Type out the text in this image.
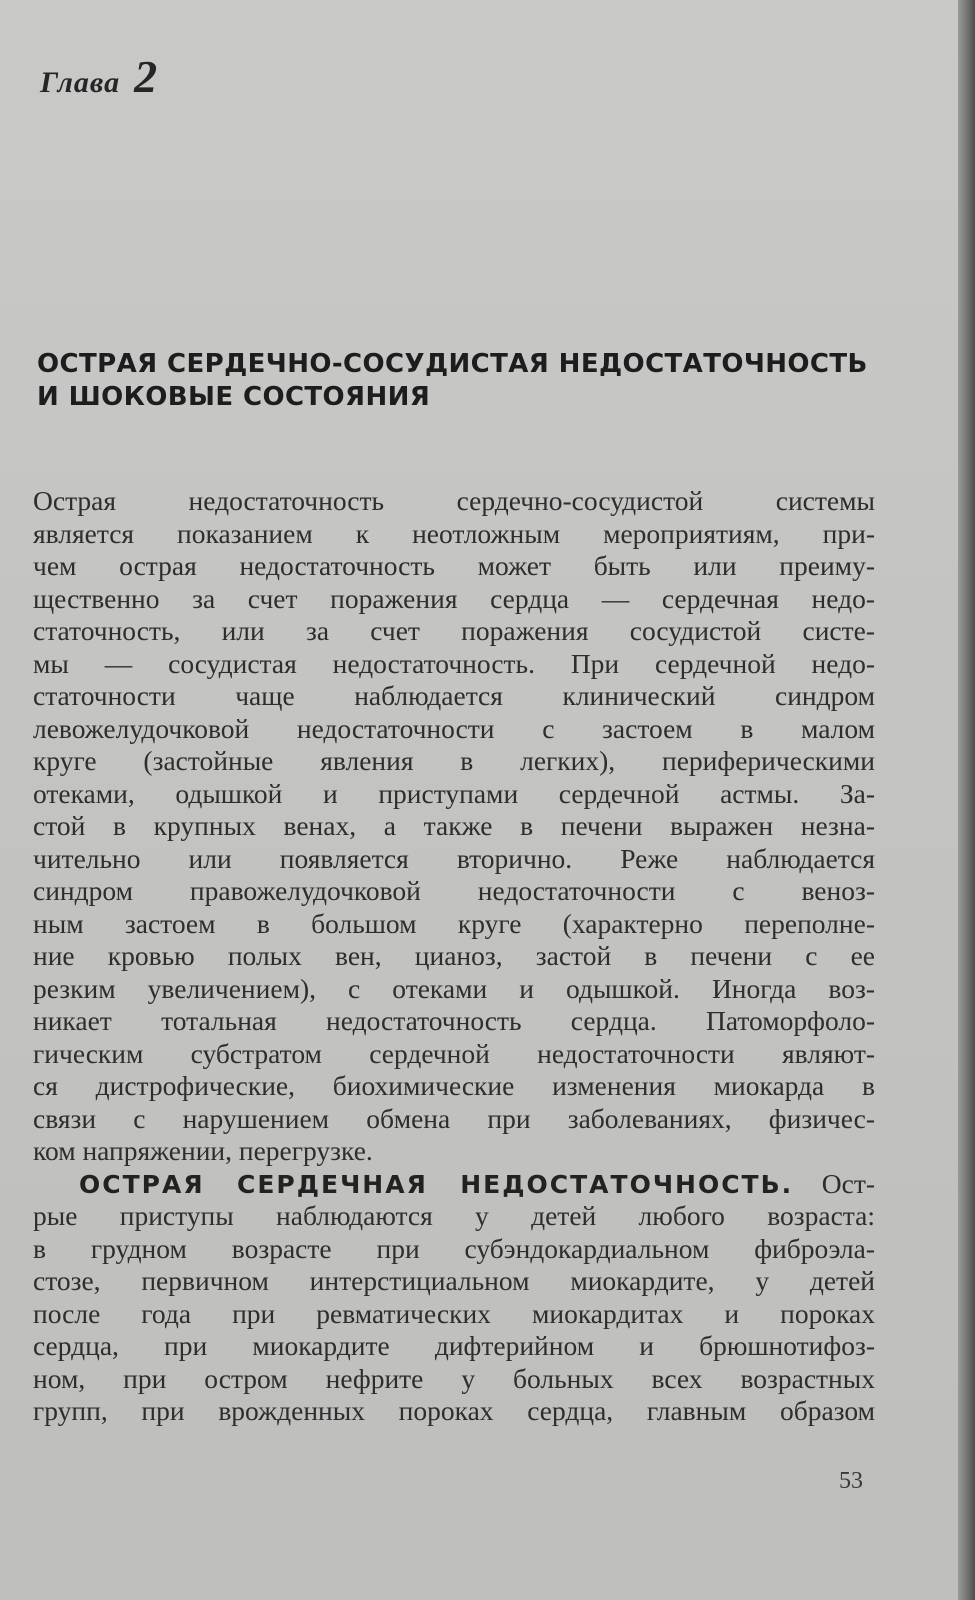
Глава 2
ОСТРАЯ СЕРДЕЧНО-СОСУДИСТАЯ НЕДОСТАТОЧНОСТЬ
И ШОКОВЫЕ СОСТОЯНИЯ
Острая недостаточность сердечно-сосудистой системы
является показанием к неотложным мероприятиям, при-
чем острая недостаточность может быть или преиму-
щественно за счет поражения сердца — сердечная недо-
статочность, или за счет поражения сосудистой систе-
мы — сосудистая недостаточность. При сердечной недо-
статочности чаще наблюдается клинический синдром
левожелудочковой недостаточности с застоем в малом
круге (застойные явления в легких), периферическими
отеками, одышкой и приступами сердечной астмы. За-
стой в крупных венах, а также в печени выражен незна-
чительно или появляется вторично. Реже наблюдается
синдром правожелудочковой недостаточности с веноз-
ным застоем в большом круге (характерно переполне-
ние кровью полых вен, цианоз, застой в печени с ее
резким увеличением), с отеками и одышкой. Иногда воз-
никает тотальная недостаточность сердца. Патоморфоло-
гическим субстратом сердечной недостаточности являют-
ся дистрофические, биохимические изменения миокарда в
связи с нарушением обмена при заболеваниях, физичес-
ком напряжении, перегрузке.
ОСТРАЯ СЕРДЕЧНАЯ НЕДОСТАТОЧНОСТЬ. Ост-
рые приступы наблюдаются у детей любого возраста:
в грудном возрасте при субэндокардиальном фиброэла-
стозе, первичном интерстициальном миокардите, у детей
после года при ревматических миокардитах и пороках
сердца, при миокардите дифтерийном и брюшнотифоз-
ном, при остром нефрите у больных всех возрастных
групп, при врожденных пороках сердца, главным образом
53
